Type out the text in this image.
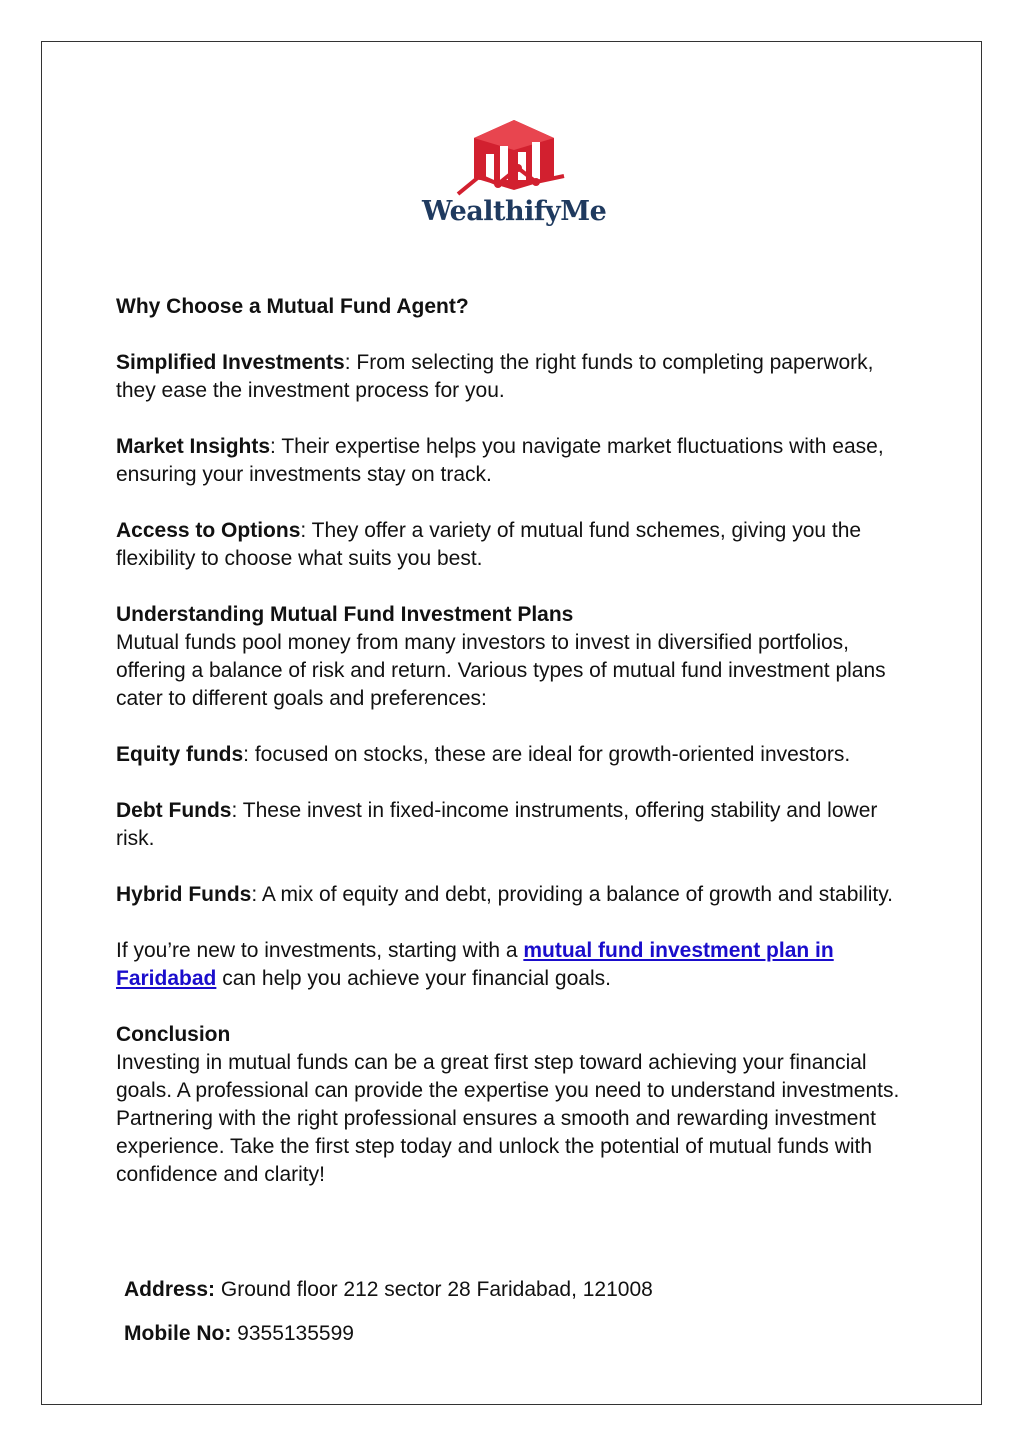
WealthifyMe

Why Choose a Mutual Fund Agent?

Simplified Investments: From selecting the right funds to completing paperwork, they ease the investment process for you.

Market Insights: Their expertise helps you navigate market fluctuations with ease, ensuring your investments stay on track.

Access to Options: They offer a variety of mutual fund schemes, giving you the flexibility to choose what suits you best.

Understanding Mutual Fund Investment Plans

Mutual funds pool money from many investors to invest in diversified portfolios, offering a balance of risk and return. Various types of mutual fund investment plans cater to different goals and preferences:

Equity funds: focused on stocks, these are ideal for growth-oriented investors.

Debt Funds: These invest in fixed-income instruments, offering stability and lower risk.

Hybrid Funds: A mix of equity and debt, providing a balance of growth and stability.

If you’re new to investments, starting with a mutual fund investment plan in Faridabad can help you achieve your financial goals.

Conclusion

Investing in mutual funds can be a great first step toward achieving your financial goals. A professional can provide the expertise you need to understand investments. Partnering with the right professional ensures a smooth and rewarding investment experience. Take the first step today and unlock the potential of mutual funds with confidence and clarity!

Address: Ground floor 212 sector 28 Faridabad, 121008
Mobile No: 9355135599
